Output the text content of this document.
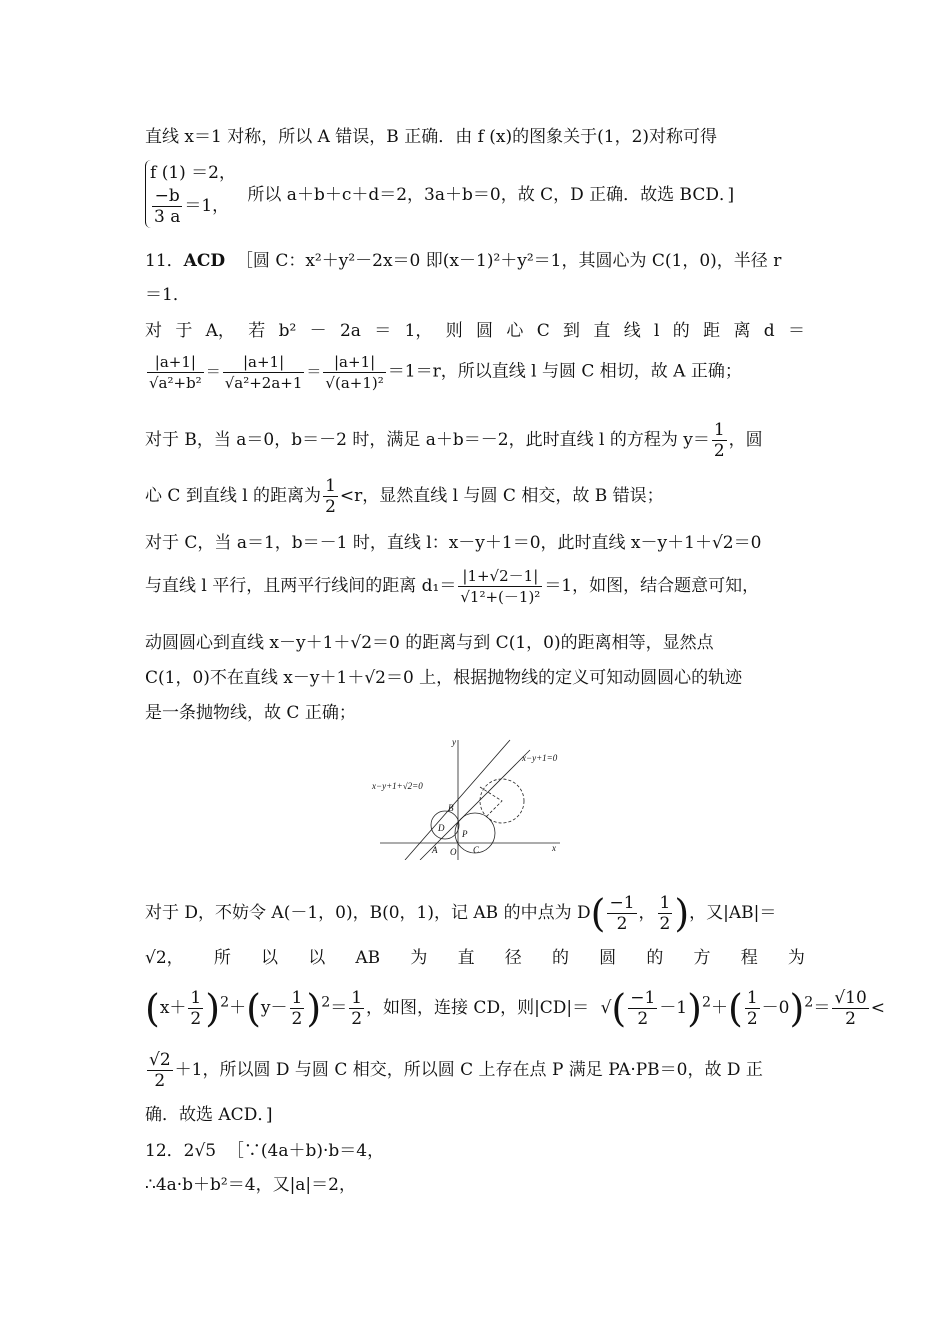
直线 x＝1 对称，所以 A 错误，B 正确．由 f (x)的图象关于(1，2)对称可得
f (1) ＝2，
$\frac{-b}{3 a} =1$，
所以 a＋b＋c＋d＝2，3a＋b＝0，故 C，D 正确．故选 BCD．]
11．ACD ［圆 C：x²＋y²－2x＝0 即(x－1)²＋y²＝1，其圆心为 C(1，0)，半径 r
＝1．
对 于 A， 若 b² － 2a ＝ 1， 则 圆 心 C 到 直 线 l 的 距 离 d ＝
$\frac{|a+1|}{\text{√a²+b²}} = \frac{|a+1|}{\text{√a²+2a+1}} = \frac{|a+1|}{\text{√(a+1)²}} =1=r$，所以直线 l 与圆 C 相切，故 A 正确；
对于 B，当 a＝0，b＝－2 时，满足 a＋b＝－2，此时直线 l 的方程为 $y= \frac{1}{2}$ ，圆
心 C 到直线 l 的距离为 $\frac{1}{2} <r$，显然直线 l 与圆 C 相交，故 B 错误；
对于 C，当 a＝1，b＝－1 时，直线 l：x－y＋1＝0，此时直线 x－y＋1＋√2＝0
与直线 l 平行，且两平行线间的距离 $d_1= \frac{|1+√2-1|}{\text{√1²+(－1)²}} =1$，如图，结合题意可知，
动圆圆心到直线 x－y＋1＋√2＝0 的距离与到 C(1，0)的距离相等，显然点
C(1，0)不在直线 x－y＋1＋√2＝0 上，根据抛物线的定义可知动圆圆心的轨迹
是一条抛物线，故 C 正确；
x−y+1=0
x−y+1+√2=0
y
x
B
D
P
A O C
对于 D，不妨令 A(－1，0)，B(0，1)，记 AB 的中点为 $D( \frac{-1}{2}$ ， $\frac{1}{2}$ )，又|AB|＝
√2， 所 以 以 AB 为 直 径 的 圆 的 方 程 为
$(x+ \frac{1}{2} )^2+(y- \frac{1}{2} )^2= \frac{1}{2}$ ，如图，连接 CD，则|CD|＝ √( $\frac{-1}{2} -1)^2+( \frac{1}{2} -0)^2= \frac{√10}{2}$ <
$\frac{√2}{2} +1$，所以圆 D 与圆 C 相交，所以圆 C 上存在点 P 满足 PA·PB＝0，故 D 正
确．故选 ACD．]
12．2√5 ［∵(4a＋b)·b＝4，
∴4a·b＋b²＝4，又|a|＝2，
